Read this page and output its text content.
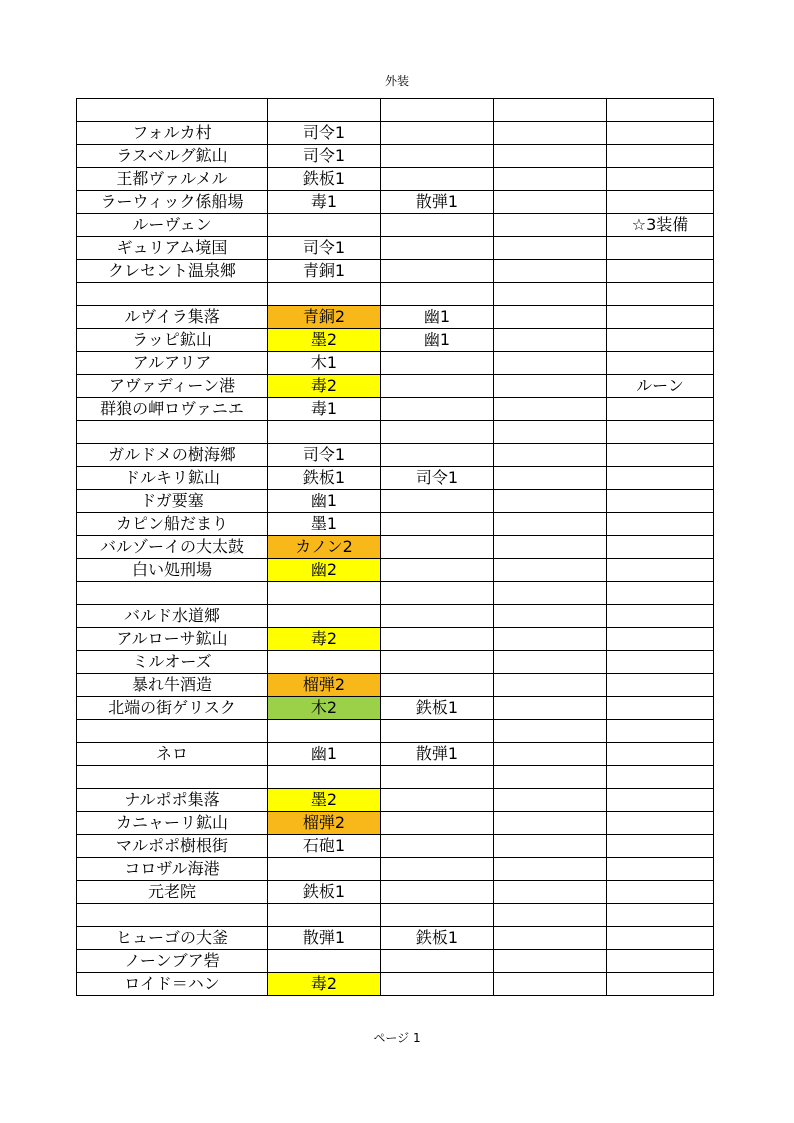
外装

フォルカ村	司令1			
ラスベルグ鉱山	司令1			
王都ヴァルメル	鉄板1			
ラーウィック係船場	毒1	散弾1		
ルーヴェン				☆3装備
ギュリアム境国	司令1			
クレセント温泉郷	青銅1			

ルヴイラ集落	青銅2	幽1		
ラッピ鉱山	墨2	幽1		
アルアリア	木1			
アヴァディーン港	毒2			ルーン
群狼の岬ロヴァニエ	毒1			

ガルドメの樹海郷	司令1			
ドルキリ鉱山	鉄板1	司令1		
ドガ要塞	幽1			
カピン船だまり	墨1			
バルゾーイの大太鼓	カノン2			
白い処刑場	幽2			

バルド水道郷				
アルローサ鉱山	毒2			
ミルオーズ				
暴れ牛酒造	榴弾2			
北端の街ゲリスク	木2	鉄板1		

ネロ	幽1	散弾1		

ナルポポ集落	墨2			
カニャーリ鉱山	榴弾2			
マルポポ樹根街	石砲1			
コロザル海港				
元老院	鉄板1			

ヒューゴの大釜	散弾1	鉄板1		
ノーンブア砦				
ロイド＝ハン	毒2			
ページ 1
